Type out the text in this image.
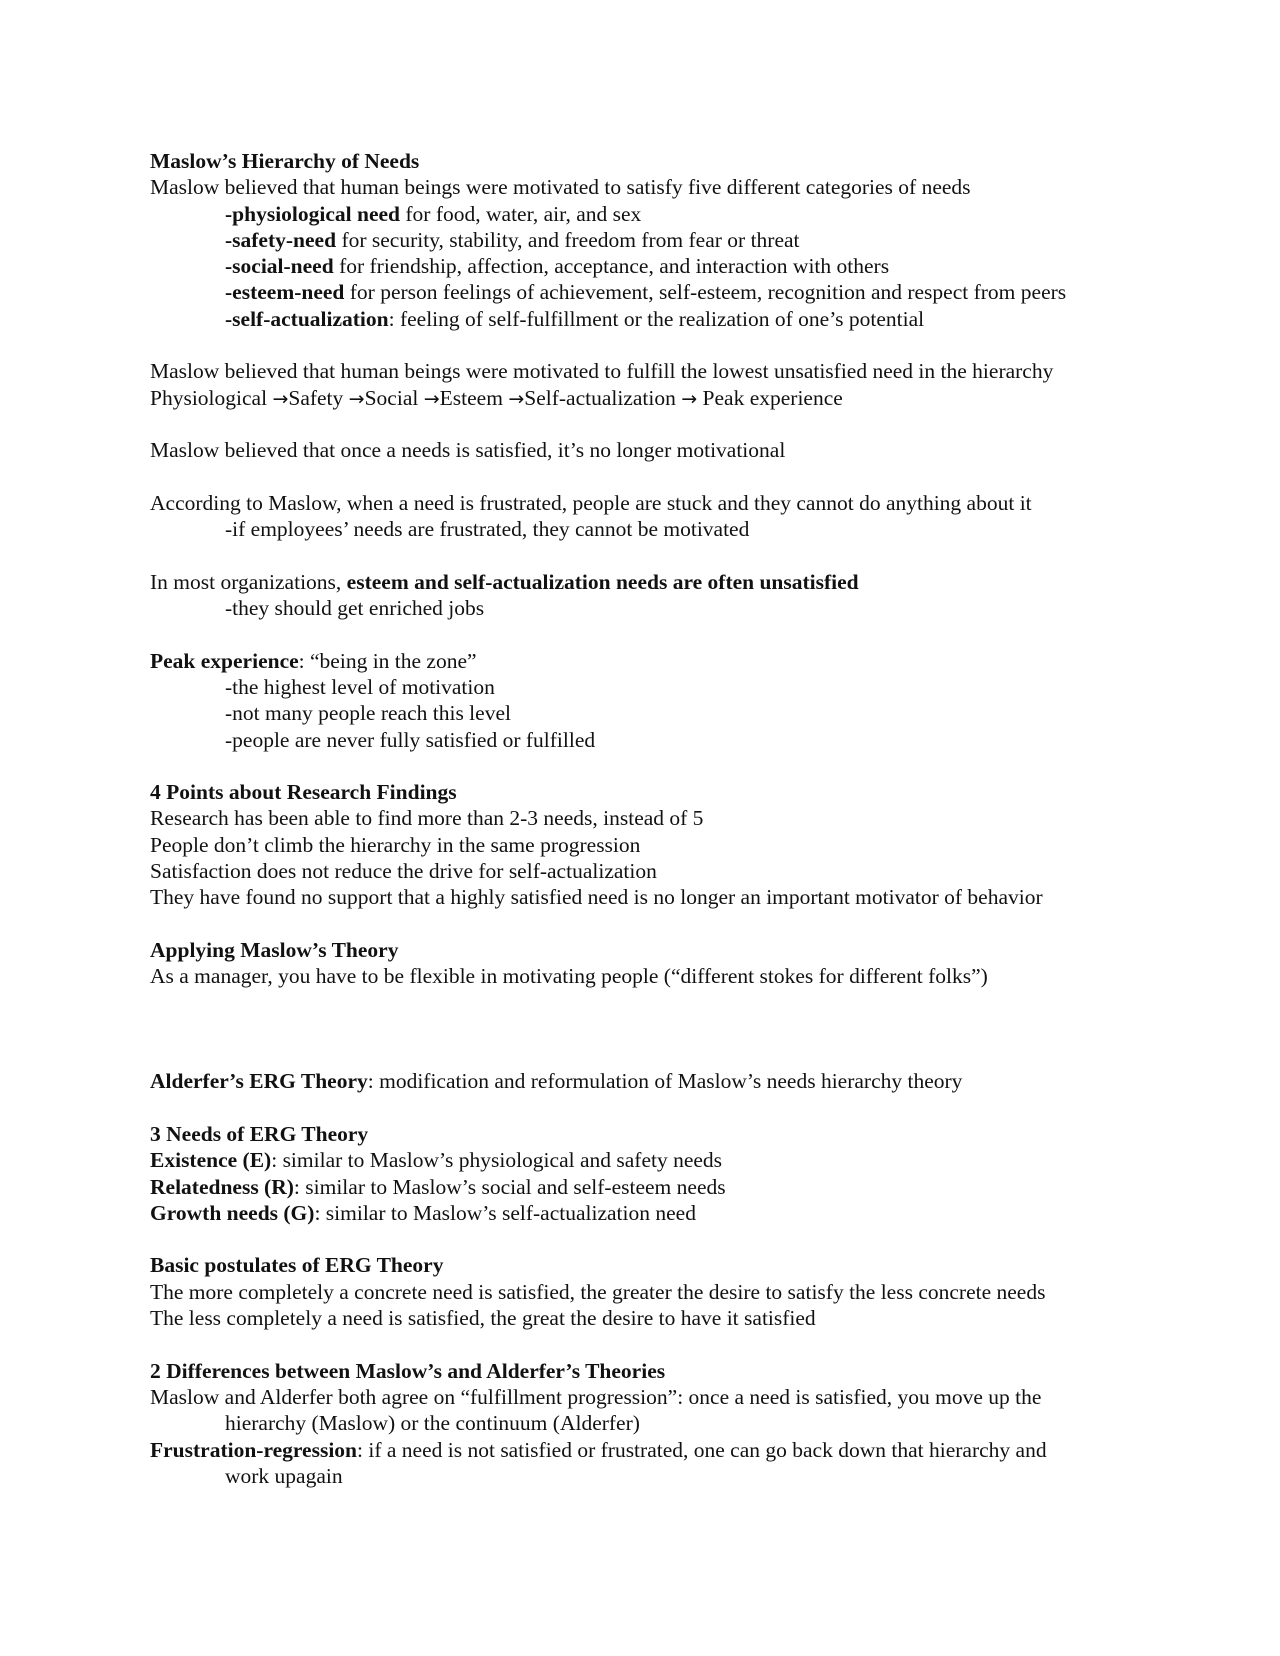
Maslow’s Hierarchy of Needs
Maslow believed that human beings were motivated to satisfy five different categories of needs
-physiological need for food, water, air, and sex
-safety-need for security, stability, and freedom from fear or threat
-social-need for friendship, affection, acceptance, and interaction with others
-esteem-need for person feelings of achievement, self-esteem, recognition and respect from peers
-self-actualization: feeling of self-fulfillment or the realization of one’s potential
Maslow believed that human beings were motivated to fulfill the lowest unsatisfied need in the hierarchy
Physiological →Safety →Social →Esteem →Self-actualization → Peak experience
Maslow believed that once a needs is satisfied, it’s no longer motivational
According to Maslow, when a need is frustrated, people are stuck and they cannot do anything about it
-if employees’ needs are frustrated, they cannot be motivated
In most organizations, esteem and self-actualization needs are often unsatisfied
-they should get enriched jobs
Peak experience: “being in the zone”
-the highest level of motivation
-not many people reach this level
-people are never fully satisfied or fulfilled
4 Points about Research Findings
Research has been able to find more than 2-3 needs, instead of 5
People don’t climb the hierarchy in the same progression
Satisfaction does not reduce the drive for self-actualization
They have found no support that a highly satisfied need is no longer an important motivator of behavior
Applying Maslow’s Theory
As a manager, you have to be flexible in motivating people (“different stokes for different folks”)
Alderfer’s ERG Theory: modification and reformulation of Maslow’s needs hierarchy theory
3 Needs of ERG Theory
Existence (E): similar to Maslow’s physiological and safety needs
Relatedness (R): similar to Maslow’s social and self-esteem needs
Growth needs (G): similar to Maslow’s self-actualization need
Basic postulates of ERG Theory
The more completely a concrete need is satisfied, the greater the desire to satisfy the less concrete needs
The less completely a need is satisfied, the great the desire to have it satisfied
2 Differences between Maslow’s and Alderfer’s Theories
Maslow and Alderfer both agree on “fulfillment progression”: once a need is satisfied, you move up the
hierarchy (Maslow) or the continuum (Alderfer)
Frustration-regression: if a need is not satisfied or frustrated, one can go back down that hierarchy and
work upagain
